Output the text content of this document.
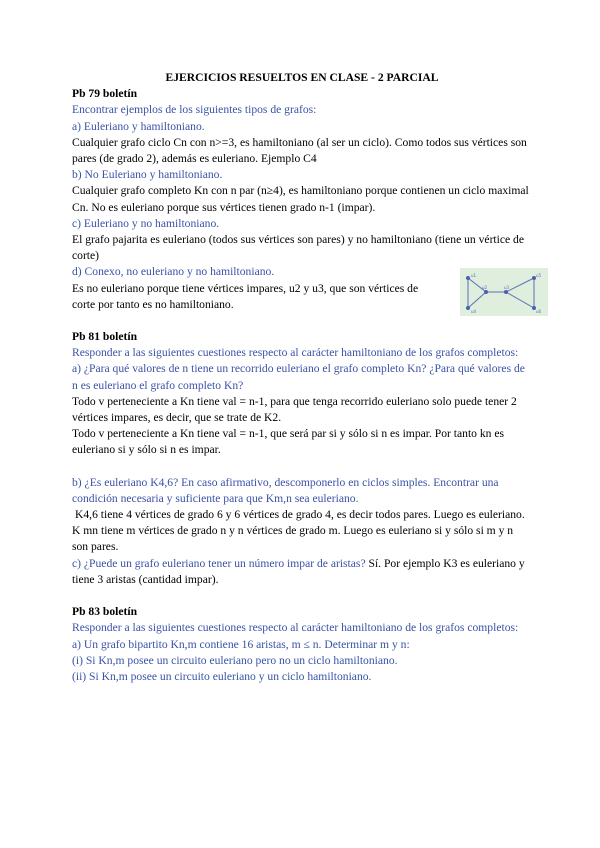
EJERCICIOS RESUELTOS EN CLASE - 2 PARCIAL

Pb 79 boletín

Encontrar ejemplos de los siguientes tipos de grafos:

a) Euleriano y hamiltoniano.

Cualquier grafo ciclo Cn con n>=3, es hamiltoniano (al ser un ciclo). Como todos sus vértices son pares (de grado 2), además es euleriano. Ejemplo C4

b) No Euleriano y hamiltoniano.

Cualquier grafo completo Kn con n par (n≥4), es hamiltoniano porque contienen un ciclo maximal Cn. No es euleriano porque sus vértices tienen grado n-1 (impar).

c) Euleriano y no hamiltoniano.

El grafo pajarita es euleriano (todos sus vértices son pares) y no hamiltoniano (tiene un vértice de corte)

d) Conexo, no euleriano y no hamiltoniano.

Es no euleriano porque tiene vértices impares, u2 y u3, que son vértices de corte por tanto es no hamiltoniano.

Pb 81 boletín

Responder a las siguientes cuestiones respecto al carácter hamiltoniano de los grafos completos:

a) ¿Para qué valores de n tiene un recorrido euleriano el grafo completo Kn? ¿Para qué valores de n es euleriano el grafo completo Kn?

Todo v perteneciente a Kn tiene val = n-1, para que tenga recorrido euleriano solo puede tener 2 vértices impares, es decir, que se trate de K2.

Todo v perteneciente a Kn tiene val = n-1, que será par si y sólo si n es impar. Por tanto kn es euleriano si y sólo si n es impar.

b) ¿Es euleriano K4,6? En caso afirmativo, descomponerlo en ciclos simples. Encontrar una condición necesaria y suficiente para que Km,n sea euleriano.

K4,6 tiene 4 vértices de grado 6 y 6 vértices de grado 4, es decir todos pares. Luego es euleriano.

K mn tiene m vértices de grado n y n vértices de grado m. Luego es euleriano si y sólo si m y n son pares.

c) ¿Puede un grafo euleriano tener un número impar de aristas? Sí. Por ejemplo K3 es euleriano y tiene 3 aristas (cantidad impar).

Pb 83 boletín

Responder a las siguientes cuestiones respecto al carácter hamiltoniano de los grafos completos:

a) Un grafo bipartito Kn,m contiene 16 aristas, m ≤ n. Determinar m y n:

(i) Si Kn,m posee un circuito euleriano pero no un ciclo hamiltoniano.

(ii) Si Kn,m posee un circuito euleriano y un ciclo hamiltoniano.

u1
u2	u3
u4
u5
u6
